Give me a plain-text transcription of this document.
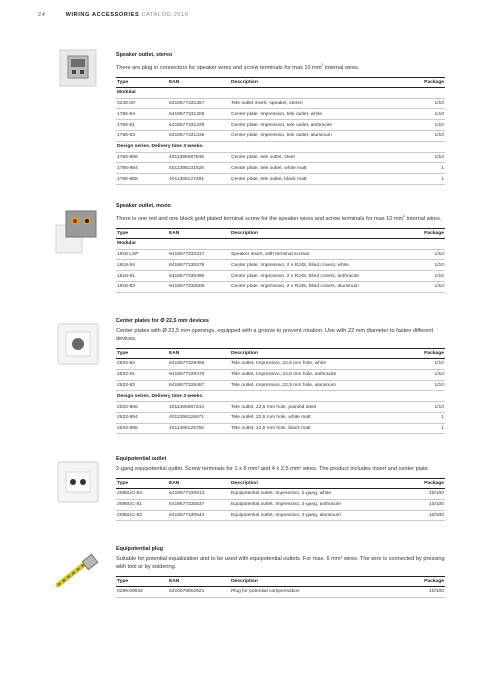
24	WIRING ACCESSORIES CATALOG 2019
Speaker outlet, stereo
There are plug in connectors for speaker wires and screw terminals for max 10 $mm^2$ internal wires.
Type	EAN	Description	Package
Modular			
0248.00	6418677331367	Tele outlet insert, speaker, stereo	1/10
1766-84	6418677331305	Center plate, Impressivo, tele outlet, white	1/10
1766-81	6418677331329	Center plate, Impressivo, tele outlet, anthracite	1/10
1766-83	6418677331336	Center plate, Impressivo, tele outlet, aluminum	1/10
Design series. Delivery time 3 weeks.			
1766-866	4011395087848	Center plate, tele outlet, steel	1/10
1766-884	4011395131626	Center plate, tele outlet, white matt	1
1766-885	4011395127261	Center plate, tele outlet, black matt	1
Speaker outlet, mono
There is one red and one black gold plated terminal screw for the speaker wires and screw terminals for max 10 $mm^2$ internal wires.
Type	EAN	Description	Package
Modular			
1819 LSP	6418677334337	Speaker insert, with terminal screws	1/10
1819-84	6418677330476	Center plate, Impressivo, 2 x RJ45, blind covers, white	1/10
1819-81	6418677330490	Center plate, Impressivo, 2 x RJ45, blind covers, anthracite	1/10
1819-83	6418677330506	Center plate, Impressivo, 2 x RJ45, blind covers, aluminum	1/10
Center plates for Ø 22,5 mm devices
Center plates with Ø 22,5 mm openings, equipped with a groove to prevent rotation. Use with 22 mm diameter to fasten different devices.
Type	EAN	Description	Package
2533-84	6418677329456	Tele outlet, Impressivo, 22,5 mm hole, white	1/10
2533-81	6418677329470	Tele outlet, Impressivo, 22,5 mm hole, anthracite	1/10
2533-83	6418677329487	Tele outlet, Impressivo, 22,5 mm hole, aluminum	1/10
Design series. Delivery time 3 weeks.			
2533-866	4011395087244	Tele outlet, 22,5 mm hole, painted steel	1/10
2533-884	4011395128671	Tele outlet, 22,5 mm hole, white matt	1
2533-885	4011395128756	Tele outlet, 22,5 mm hole, black matt	1
Equipotential outlet
2-gang equipotential outlet. Screw terminals for 1 x 6 mm² and 4 x 2,5 mm² wires. The product includes insert and center plate.
Type	EAN	Description	Package
2095UC-84	6418677330513	Equipotential outlet, Impressivo, 2-gang, white	10/100
2095UC-81	6418677330537	Equipotential outlet, Impressivo, 2-gang, anthracite	10/100
2095UC-83	6418677330544	Equipotential outlet, Impressivo, 2-gang, aluminum	10/100
Equipotential plug
Suitable for potential equalization and to be used with equipotential outlets. For max. 6 mm² wires. The wire is connected by pressing with tool or by soldering.
Type	EAN	Description	Package
0299.00032	6410070602921	Plug for potential compensation	10/100
